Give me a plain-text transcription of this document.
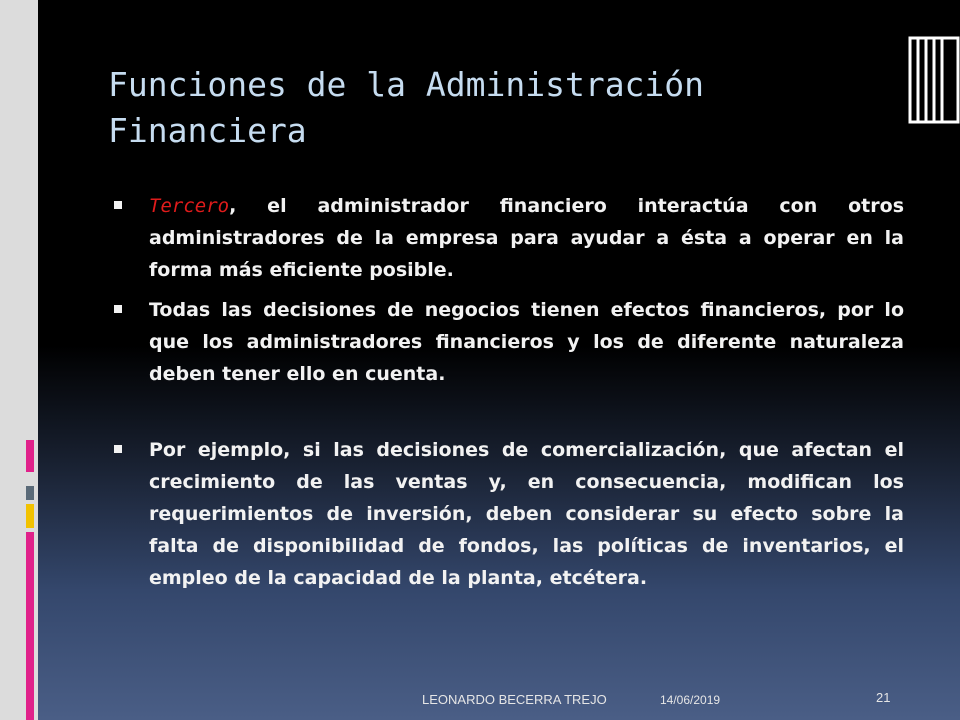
Funciones de la Administración Financiera
Tercero, el administrador financiero interactúa con otros administradores de la empresa para ayudar a ésta a operar en la forma más eficiente posible.
Todas las decisiones de negocios tienen efectos financieros, por lo que los administradores financieros y los de diferente naturaleza deben tener ello en cuenta.
Por ejemplo, si las decisiones de comercialización, que afectan el crecimiento de las ventas y, en consecuencia, modifican los requerimientos de inversión, deben considerar su efecto sobre la falta de disponibilidad de fondos, las políticas de inventarios, el empleo de la capacidad de la planta, etcétera.
LEONARDO BECERRA TREJO	14/06/2019	21
